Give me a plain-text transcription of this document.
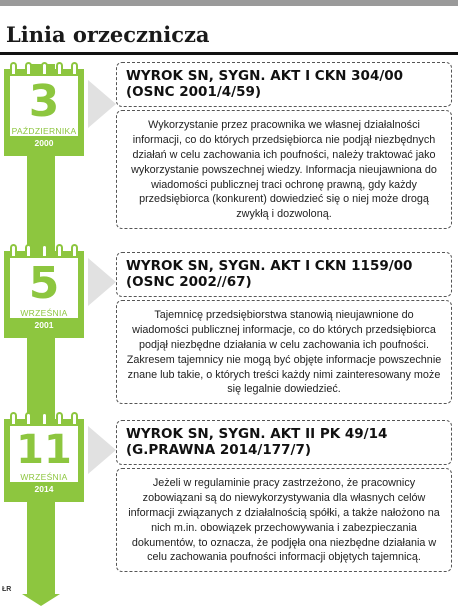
Linia orzecznicza
3
PAŹDZIERNIKA
2000
WYROK SN, SYGN. AKT I CKN 304/00
(OSNC 2001/4/59)
Wykorzystanie przez pracownika we własnej działalności informacji, co do których przedsiębiorca nie podjął niezbędnych działań w celu zachowania ich poufności, należy traktować jako wykorzystanie powszechnej wiedzy. Informacja nieujawniona do wiadomości publicznej traci ochronę prawną, gdy każdy przedsiębiorca (konkurent) dowiedzieć się o niej może drogą zwykłą i dozwoloną.
5
WRZEŚNIA
2001
WYROK SN, SYGN. AKT I CKN 1159/00
(OSNC 2002//67)
Tajemnicę przedsiębiorstwa stanowią nieujawnione do wiadomości publicznej informacje, co do których przedsiębiorca podjął niezbędne działania w celu zachowania ich poufności. Zakresem tajemnicy nie mogą być objęte informacje powszechnie znane lub takie, o których treści każdy nimi zainteresowany może się legalnie dowiedzieć.
11
WRZEŚNIA
2014
WYROK SN, SYGN. AKT II PK 49/14
(G.PRAWNA 2014/177/7)
Jeżeli w regulaminie pracy zastrzeżono, że pracownicy zobowiązani są do niewykorzystywania dla własnych celów informacji związanych z działalnością spółki, a także nałożono na nich m.in. obowiązek przechowywania i zabezpieczania dokumentów, to oznacza, że podjęła ona niezbędne działania w celu zachowania poufności informacji objętych tajemnicą.
ŁR
